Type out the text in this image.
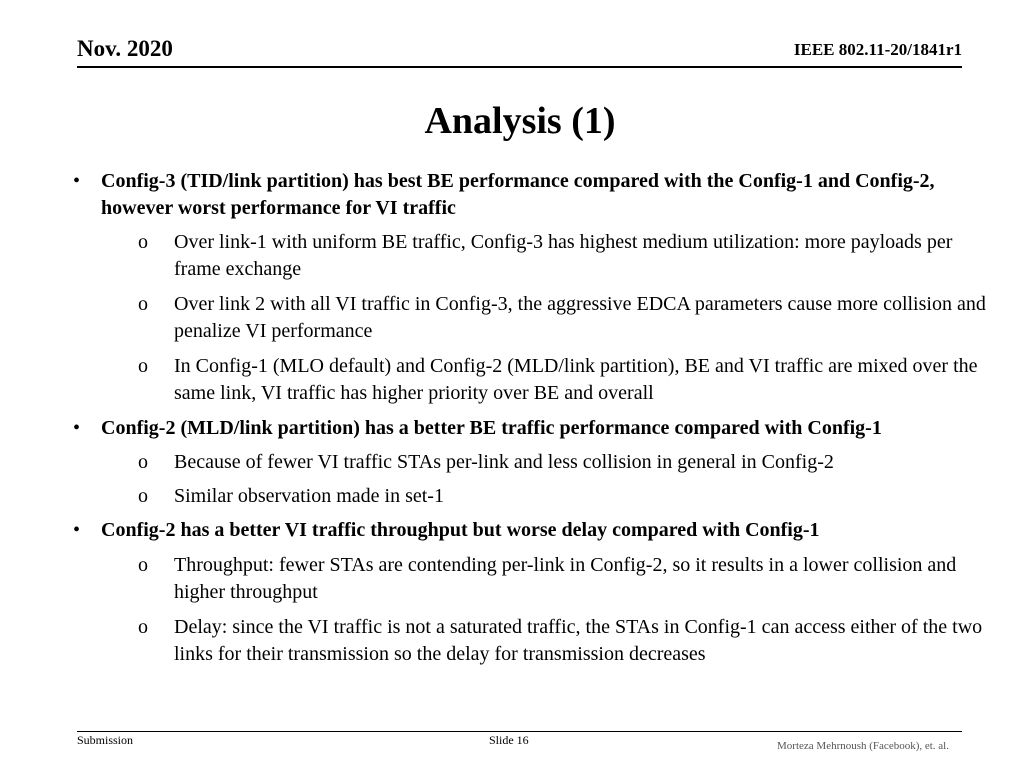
Nov. 2020	IEEE 802.11-20/1841r1
Analysis (1)
• Config-3 (TID/link partition) has best BE performance compared with the Config-1 and Config-2, however worst performance for VI traffic
o Over link-1 with uniform BE traffic, Config-3 has highest medium utilization: more payloads per frame exchange
o Over link 2 with all VI traffic in Config-3, the aggressive EDCA parameters cause more collision and penalize VI performance
o In Config-1 (MLO default) and Config-2 (MLD/link partition), BE and VI traffic are mixed over the same link, VI traffic has higher priority over BE and overall
• Config-2 (MLD/link partition) has a better BE traffic performance compared with Config-1
o Because of fewer VI traffic STAs per-link and less collision in general in Config-2
o Similar observation made in set-1
• Config-2 has a better VI traffic throughput but worse delay compared with Config-1
o Throughput: fewer STAs are contending per-link in Config-2, so it results in a lower collision and higher throughput
o Delay: since the VI traffic is not a saturated traffic, the STAs in Config-1 can access either of the two links for their transmission so the delay for transmission decreases
Submission	Slide 16	Morteza Mehrnoush (Facebook), et. al.
